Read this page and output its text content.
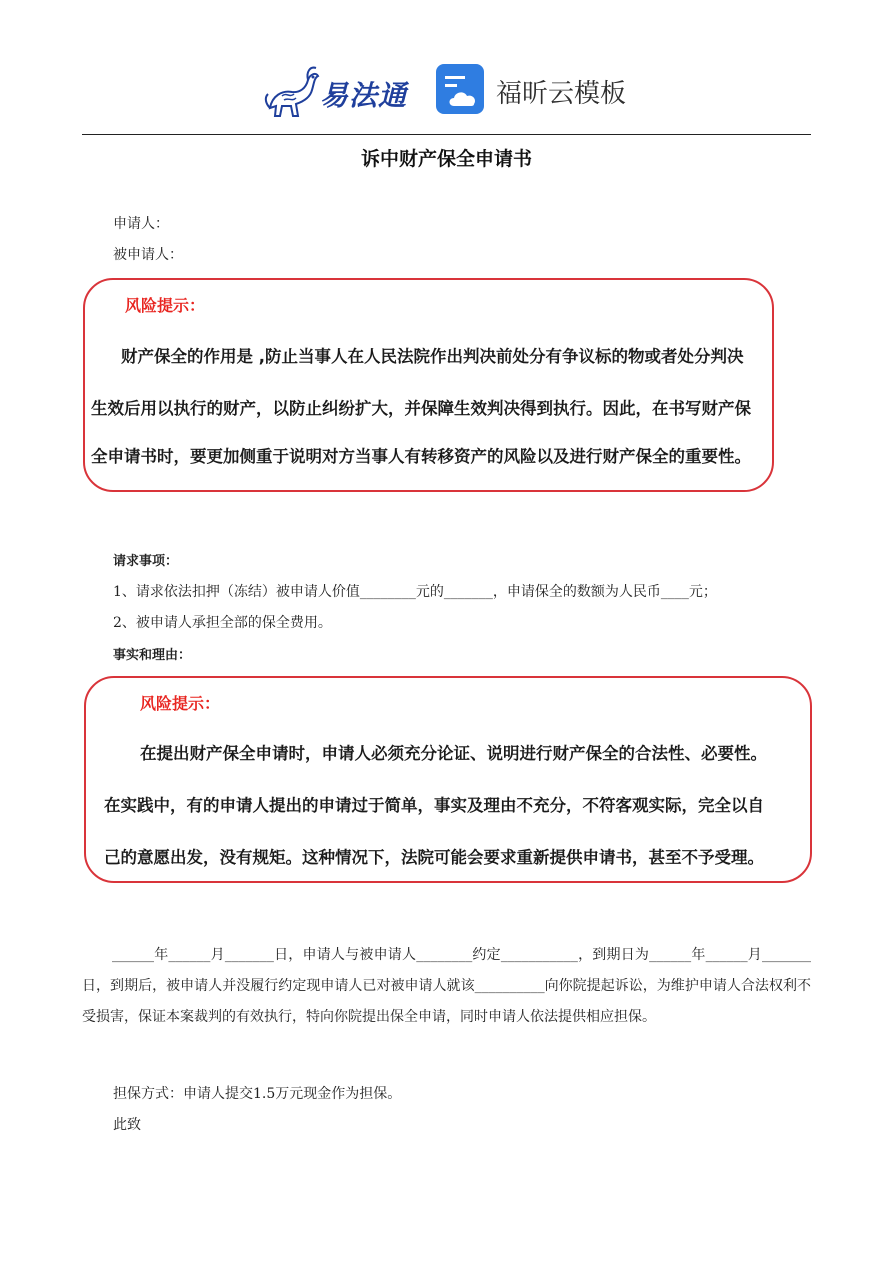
易法通	福昕云模板
诉中财产保全申请书
申请人：
被申请人：
风险提示：
财产保全的作用是 ,防止当事人在人民法院作出判决前处分有争议标的物或者处分判决
生效后用以执行的财产，以防止纠纷扩大，并保障生效判决得到执行。因此，在书写财产保
全申请书时，要更加侧重于说明对方当事人有转移资产的风险以及进行财产保全的重要性。
请求事项：
1、请求依法扣押（冻结）被申请人价值________元的_______，申请保全的数额为人民币____元；
2、被申请人承担全部的保全费用。
事实和理由：
风险提示：
在提出财产保全申请时，申请人必须充分论证、说明进行财产保全的合法性、必要性。
在实践中，有的申请人提出的申请过于简单，事实及理由不充分，不符客观实际，完全以自
己的意愿出发，没有规矩。这种情况下，法院可能会要求重新提供申请书，甚至不予受理。
______年______月_______日，申请人与被申请人________约定___________，到期日为______年______月_______日，到期后，被申请人并没履行约定现申请人已对被申请人就该__________向你院提起诉讼，为维护申请人合法权利不受损害，保证本案裁判的有效执行，特向你院提出保全申请，同时申请人依法提供相应担保。
担保方式：申请人提交1.5万元现金作为担保。
此致
